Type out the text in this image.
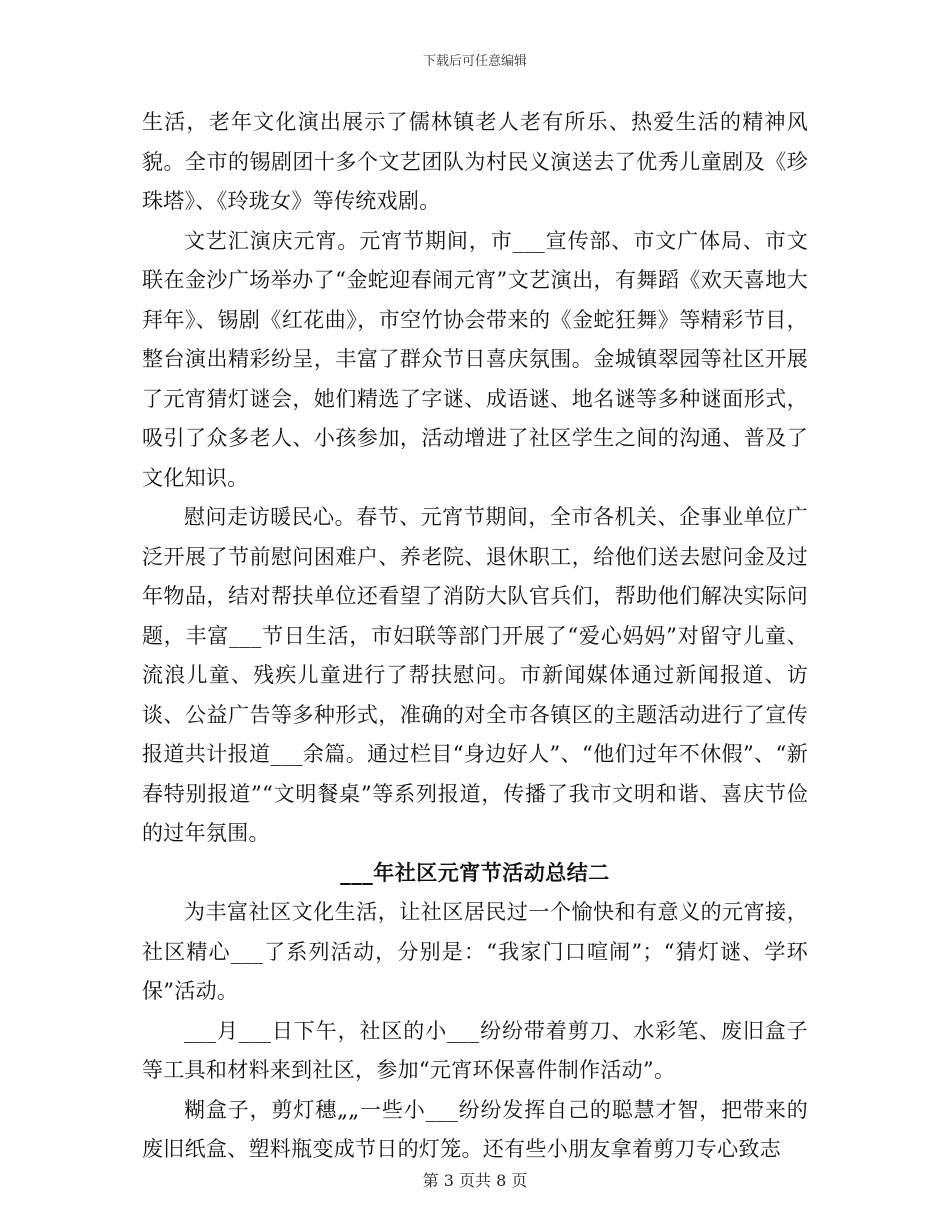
下载后可任意编辑

生活，老年文化演出展示了儒林镇老人老有所乐、热爱生活的精神风貌。全市的锡剧团十多个文艺团队为村民义演送去了优秀儿童剧及《珍珠塔》、《玲珑女》等传统戏剧。

文艺汇演庆元宵。元宵节期间，市___宣传部、市文广体局、市文联在金沙广场举办了“金蛇迎春闹元宵”文艺演出，有舞蹈《欢天喜地大拜年》、锡剧《红花曲》，市空竹协会带来的《金蛇狂舞》等精彩节目，整台演出精彩纷呈，丰富了群众节日喜庆氛围。金城镇翠园等社区开展了元宵猜灯谜会，她们精选了字谜、成语谜、地名谜等多种谜面形式，吸引了众多老人、小孩参加，活动增进了社区学生之间的沟通、普及了文化知识。

慰问走访暖民心。春节、元宵节期间，全市各机关、企事业单位广泛开展了节前慰问困难户、养老院、退休职工，给他们送去慰问金及过年物品，结对帮扶单位还看望了消防大队官兵们，帮助他们解决实际问题，丰富___节日生活，市妇联等部门开展了“爱心妈妈”对留守儿童、流浪儿童、残疾儿童进行了帮扶慰问。市新闻媒体通过新闻报道、访谈、公益广告等多种形式，准确的对全市各镇区的主题活动进行了宣传报道共计报道___余篇。通过栏目“身边好人”、“他们过年不休假”、“新春特别报道”“文明餐桌”等系列报道，传播了我市文明和谐、喜庆节俭的过年氛围。

___年社区元宵节活动总结二

为丰富社区文化生活，让社区居民过一个愉快和有意义的元宵接，社区精心___了系列活动，分别是：“我家门口喧闹”；“猜灯谜、学环保”活动。

___月___日下午，社区的小___纷纷带着剪刀、水彩笔、废旧盒子等工具和材料来到社区，参加“元宵环保喜件制作活动”。

糊盒子，剪灯穗„„一些小___纷纷发挥自己的聪慧才智，把带来的废旧纸盒、塑料瓶变成节日的灯笼。还有些小朋友拿着剪刀专心致志

第 3 页共 8 页
